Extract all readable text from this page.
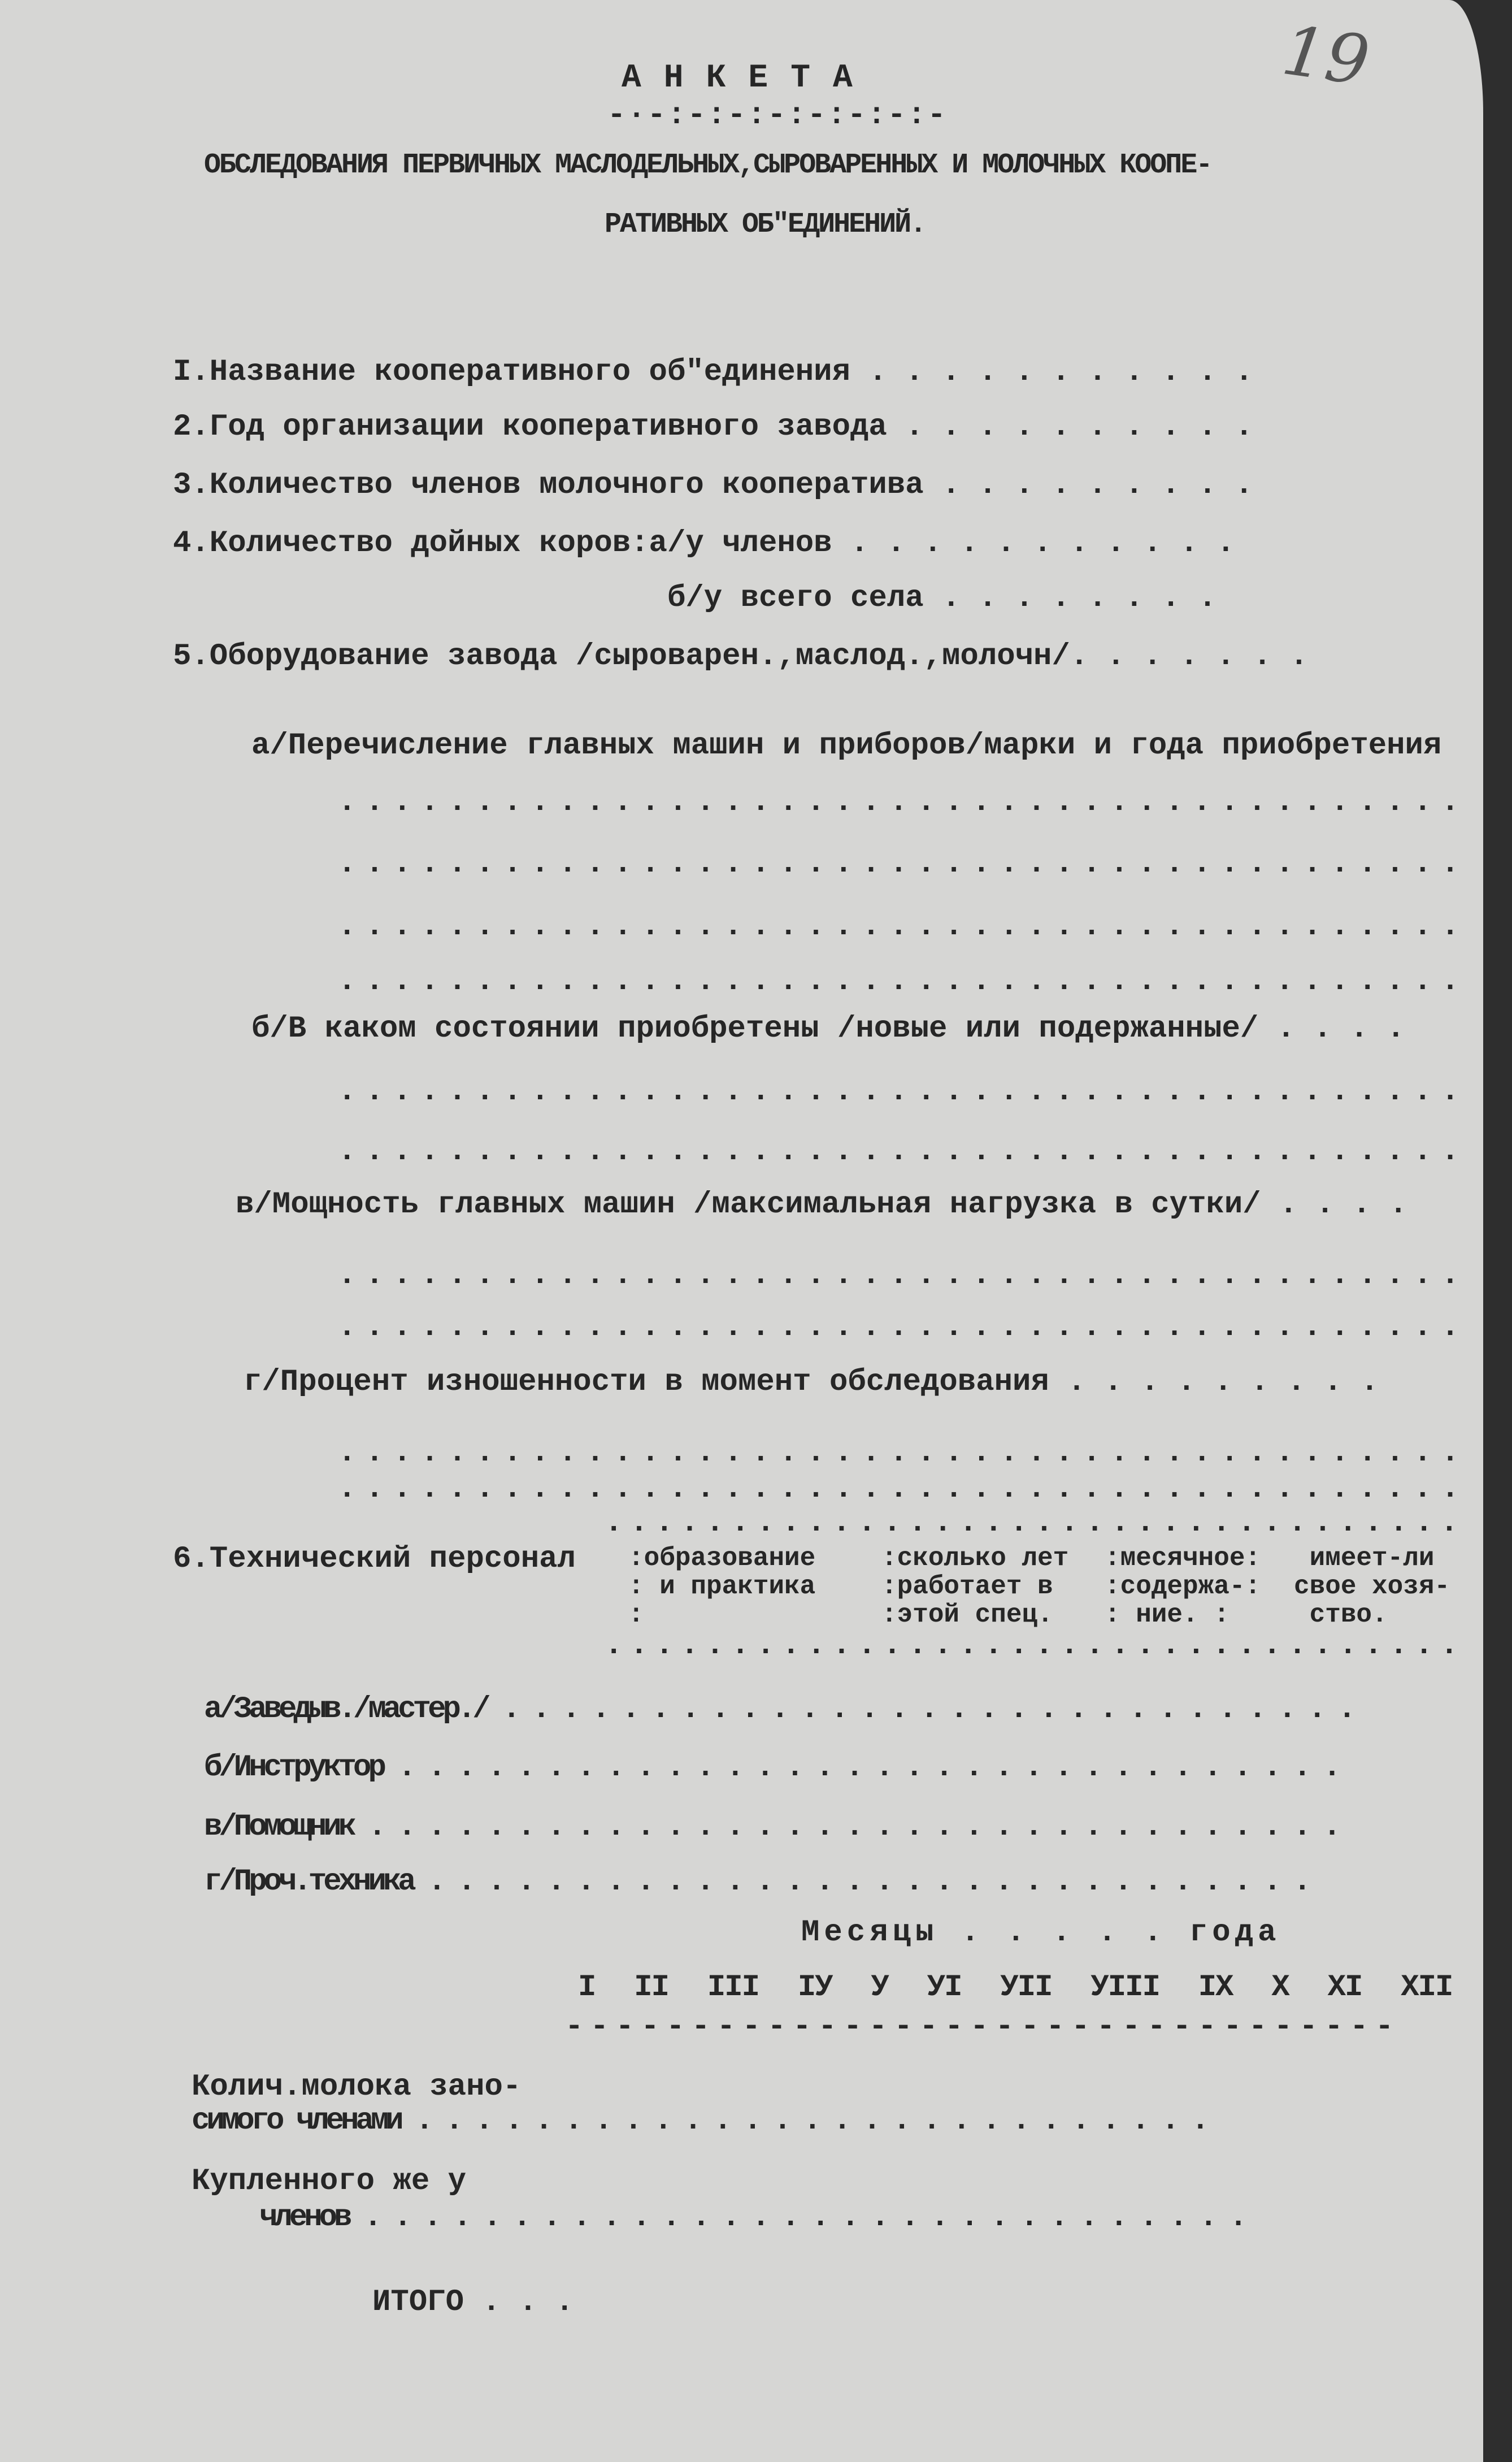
19
АНКЕТА
-·-:-:-:-:-:-:-:-
ОБСЛЕДОВАНИЯ ПЕРВИЧНЫХ МАСЛОДЕЛЬНЫХ,СЫРОВАРЕННЫХ И МОЛОЧНЫХ КООПЕ-
РАТИВНЫХ ОБ"ЕДИНЕНИЙ.
I.Название кооперативного об"единения . . . . . . . . . . .
2.Год организации кооперативного завода . . . . . . . . . .
3.Количество членов молочного кооператива . . . . . . . . .
4.Количество дойных коров:а/у членов . . . . . . . . . . .
б/у всего села . . . . . . . .
5.Оборудование завода /сыроварен.,маслод.,молочн/. . . . . . .
а/Перечисление главных машин и приборов/марки и года приобретения
. . . . . . . . . . . . . . . . . . . . . . . . . . . . . . . . . . . . . . . . .
. . . . . . . . . . . . . . . . . . . . . . . . . . . . . . . . . . . . . . . . .
. . . . . . . . . . . . . . . . . . . . . . . . . . . . . . . . . . . . . . . . .
. . . . . . . . . . . . . . . . . . . . . . . . . . . . . . . . . . . . . . . . .
б/В каком состоянии приобретены /новые или подержанные/ . . . .
. . . . . . . . . . . . . . . . . . . . . . . . . . . . . . . . . . . . . . . . .
. . . . . . . . . . . . . . . . . . . . . . . . . . . . . . . . . . . . . . . . .
в/Мощность главных машин /максимальная нагрузка в сутки/ . . . .
. . . . . . . . . . . . . . . . . . . . . . . . . . . . . . . . . . . . . . . . .
. . . . . . . . . . . . . . . . . . . . . . . . . . . . . . . . . . . . . . . . .
г/Процент изношенности в момент обследования . . . . . . . . .
. . . . . . . . . . . . . . . . . . . . . . . . . . . . . . . . . . . . . . . . .
. . . . . . . . . . . . . . . . . . . . . . . . . . . . . . . . . . . . . . . . .
. . . . . . . . . . . . . . . . . . . . . . . . . . . . . . . . . .
6.Технический персонал :образование
: и практика
:
:сколько лет
:работает в
:этой спец.
:месячное:
:содержа-:
: ние. :
имеет-ли
свое хозя-
ство.
. . . . . . . . . . . . . . . . . . . . . . . . . . . . . . . . . .
а/Заведыв./мастер./ . . . . . . . . . . . . . . . . . . . . . . . . . . . . .
б/Инструктор . . . . . . . . . . . . . . . . . . . . . . . . . . . . . . . .
в/Помощник . . . . . . . . . . . . . . . . . . . . . . . . . . . . . . . . .
г/Проч.техника . . . . . . . . . . . . . . . . . . . . . . . . . . . . . .
Месяцы . . . . . года
I  II  III  IУ  У  УI  УII  УIII  IX  X  XI  XII
- - - - - - - - - - - - - - - - - - - - - - - - - - - - - - - - -
Колич.молока зано-
симого членами . . . . . . . . . . . . . . . . . . . . . . . . . . .
Купленного же у
членов . . . . . . . . . . . . . . . . . . . . . . . . . . . . . .
ИТОГО . . .
